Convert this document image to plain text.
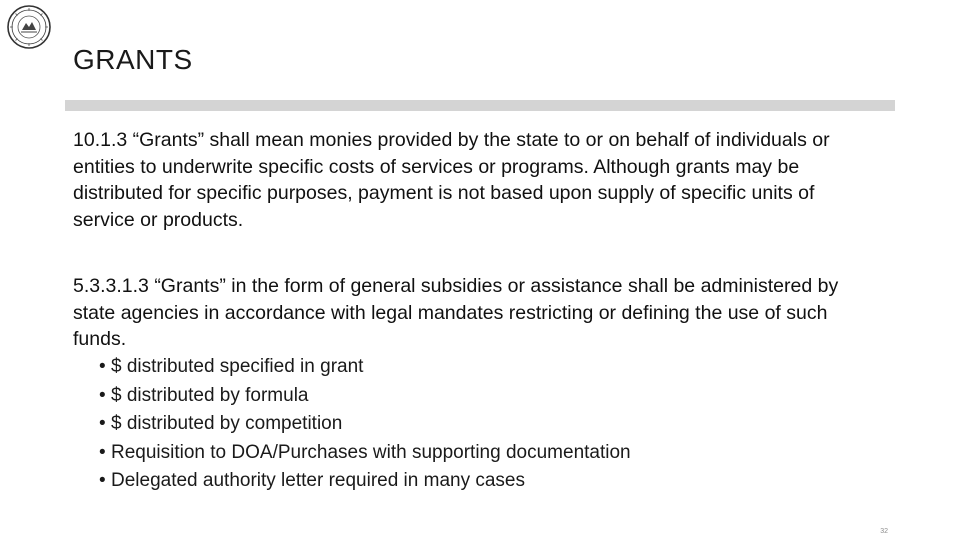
GRANTS

10.1.3 “Grants” shall mean monies provided by the state to or on behalf of individuals or entities to underwrite specific costs of services or programs. Although grants may be distributed for specific purposes, payment is not based upon supply of specific units of service or products.

5.3.3.1.3 “Grants” in the form of general subsidies or assistance shall be administered by state agencies in accordance with legal mandates restricting or defining the use of such funds.

• $ distributed specified in grant
• $ distributed by formula
• $ distributed by competition
• Requisition to DOA/Purchases with supporting documentation
• Delegated authority letter required in many cases
32
